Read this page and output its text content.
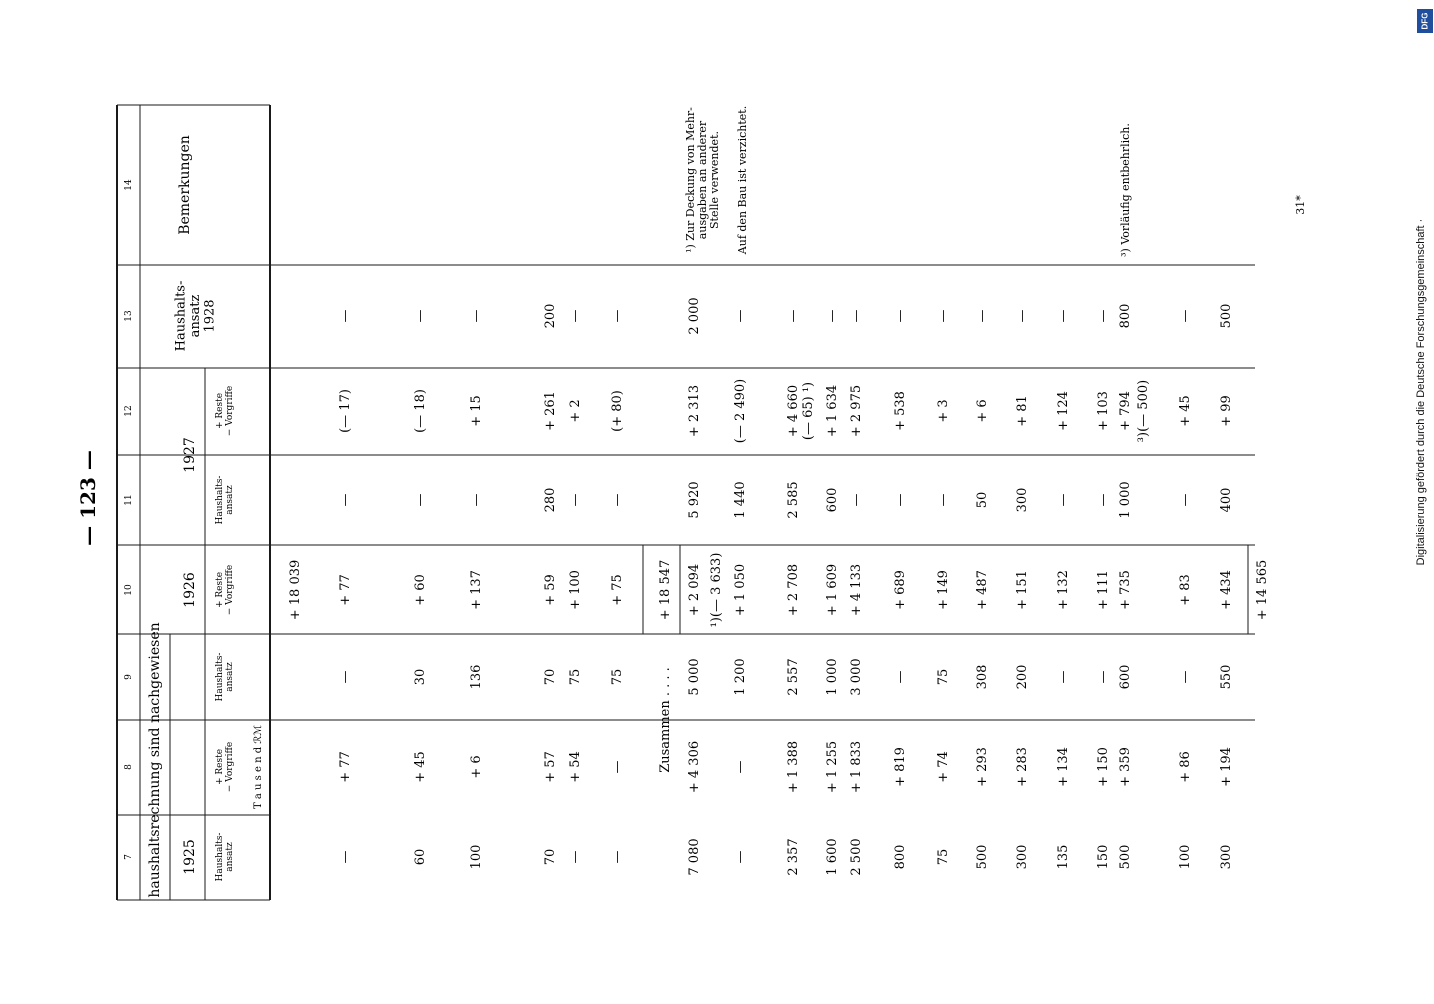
— 123 —
31*
7
8
9
10
11
12
13
14
haushaltsrechnung sind nachgewiesen 1925
1926
1927
Haushalts-ansatz
+ Reste− Vorgriffe
Haushalts-ansatz
+ Reste− Vorgriffe
Haushalts-ansatz
+ Reste− Vorgriffe
Haushalts-ansatz1928
Bemerkungen
T a u s e n d ℛℳ
—
+ 77
—
+ 77
—
(— 17)
—
60
+ 45
30
+ 60
—
(— 18)
—
100
+ 6
136
+ 137
—
+ 15
—
70
+ 57
70
+ 59
280
+ 261
200
—
+ 54
75
+ 100
—
+ 2
—
—
—
75
+ 75
—
(+ 80)
—
7 080
+ 4 306
5 000
+ 2 094
5 920
+ 2 313
2 000
¹)(— 3 633)
—
—
1 200
+ 1 050
1 440
(— 2 490)
—
2 357
+ 1 388
2 557
+ 2 708
2 585
+ 4 660
—
(— 65) ¹)
1 600
+ 1 255
1 000
+ 1 609
600
+ 1 634
—
2 500
+ 1 833
3 000
+ 4 133
—
+ 2 975
—
800
+ 819
—
+ 689
—
+ 538
—
75
+ 74
75
+ 149
—
+ 3
—
500
+ 293
308
+ 487
50
+ 6
—
300
+ 283
200
+ 151
300
+ 81
—
135
+ 134
—
+ 132
—
+ 124
—
150
+ 150
—
+ 111
—
+ 103
—
500
+ 359
600
+ 735
1 000
+ 794
800
³)(— 500)
100
+ 86
—
+ 83
—
+ 45
—
300
+ 194
550
+ 434
400
+ 99
500
+ 18 039
Zusammen . . . .
+ 18 547	+ 14 565
¹) Zur Deckung von Mehr-ausgaben an andererStelle verwendet. Auf den Bau ist verzichtet.	³) Vorläufig entbehrlich.
Digitalisierung gefördert durch die Deutsche Forschungsgemeinschaft ·
DFG
